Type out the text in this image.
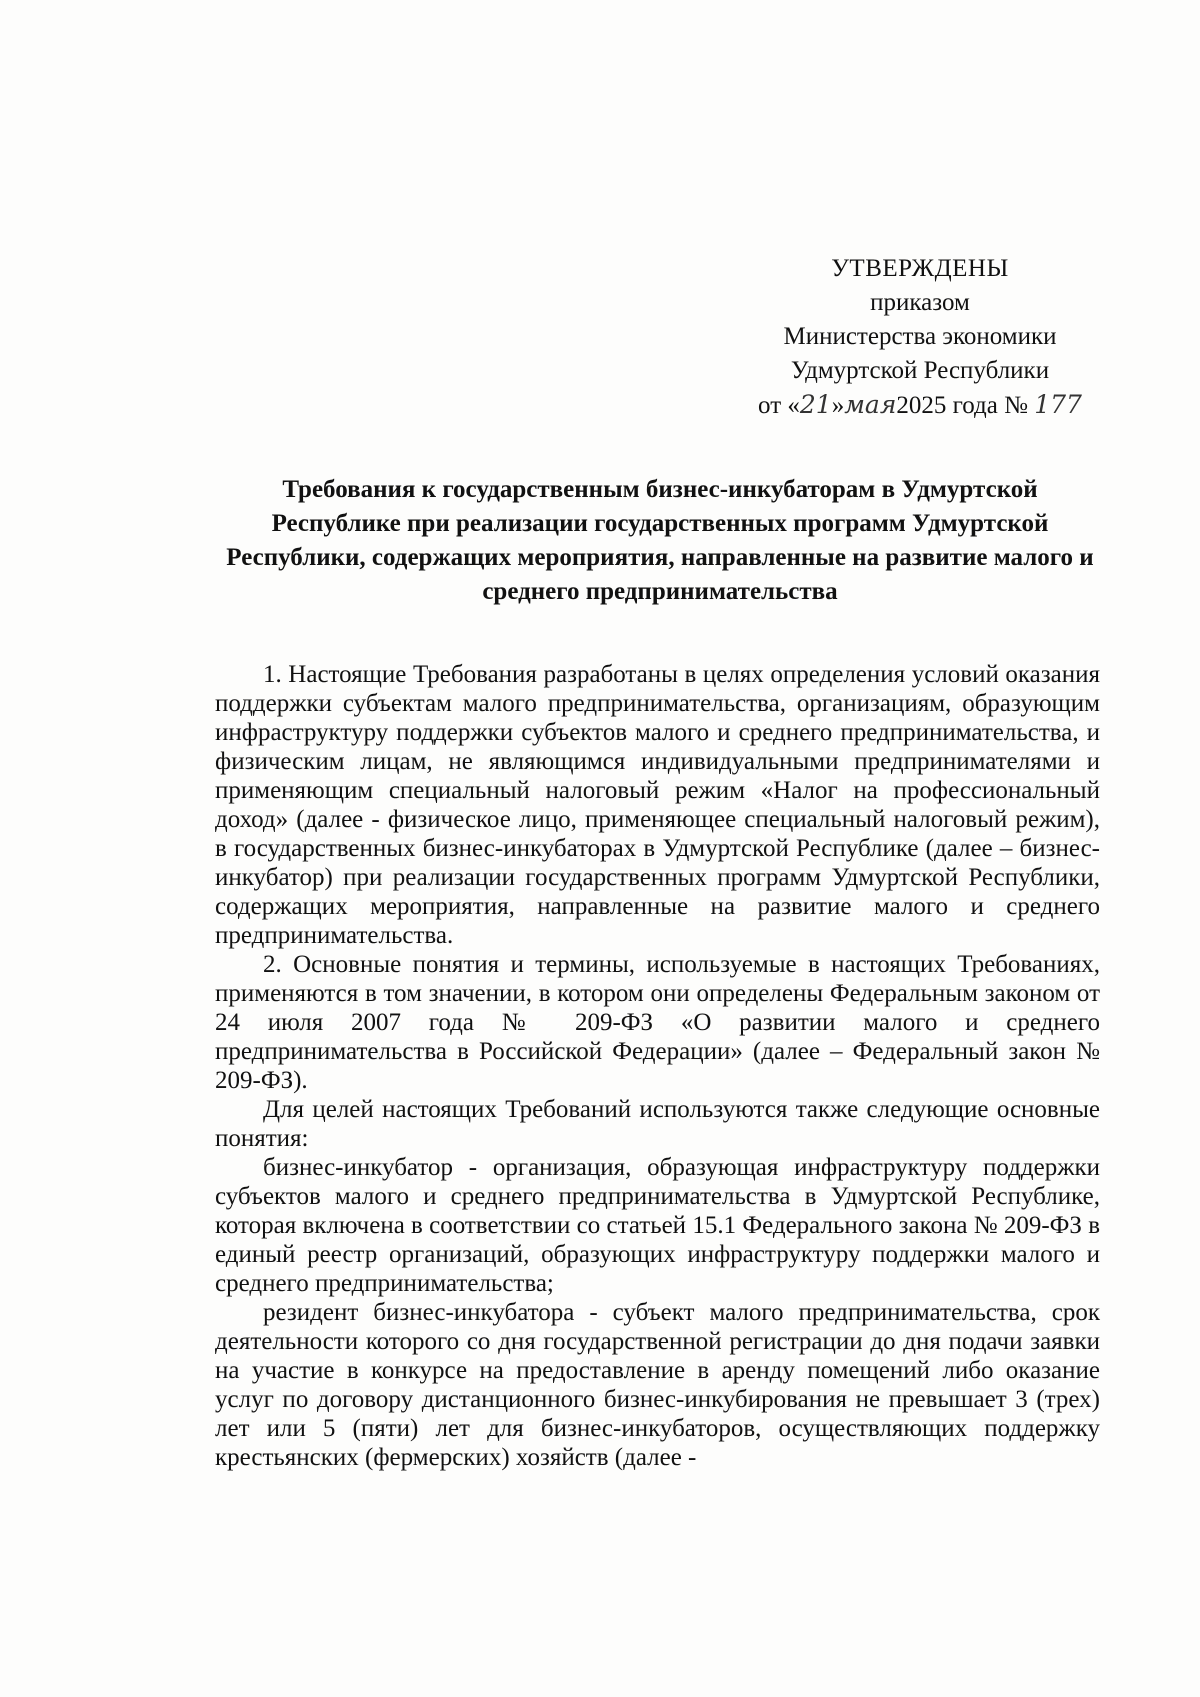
УТВЕРЖДЕНЫ
приказом
Министерства экономики
Удмуртской Республики
от «21»мая2025 года № 177
Требования к государственным бизнес-инкубаторам в Удмуртской Республике при реализации государственных программ Удмуртской Республики, содержащих мероприятия, направленные на развитие малого и среднего предпринимательства

1. Настоящие Требования разработаны в целях определения условий оказания поддержки субъектам малого предпринимательства, организациям, образующим инфраструктуру поддержки субъектов малого и среднего предпринимательства, и физическим лицам, не являющимся индивидуальными предпринимателями и применяющим специальный налоговый режим «Налог на профессиональный доход» (далее - физическое лицо, применяющее специальный налоговый режим), в государственных бизнес-инкубаторах в Удмуртской Республике (далее – бизнес-инкубатор) при реализации государственных программ Удмуртской Республики, содержащих мероприятия, направленные на развитие малого и среднего предпринимательства.

2. Основные понятия и термины, используемые в настоящих Требованиях, применяются в том значении, в котором они определены Федеральным законом от 24 июля 2007 года № 209-ФЗ «О развитии малого и среднего предпринимательства в Российской Федерации» (далее – Федеральный закон № 209-ФЗ).

Для целей настоящих Требований используются также следующие основные понятия:

бизнес-инкубатор - организация, образующая инфраструктуру поддержки субъектов малого и среднего предпринимательства в Удмуртской Республике, которая включена в соответствии со статьей 15.1 Федерального закона № 209-ФЗ в единый реестр организаций, образующих инфраструктуру поддержки малого и среднего предпринимательства;

резидент бизнес-инкубатора - субъект малого предпринимательства, срок деятельности которого со дня государственной регистрации до дня подачи заявки на участие в конкурсе на предоставление в аренду помещений либо оказание услуг по договору дистанционного бизнес-инкубирования не превышает 3 (трех) лет или 5 (пяти) лет для бизнес-инкубаторов, осуществляющих поддержку крестьянских (фермерских) хозяйств (далее -
